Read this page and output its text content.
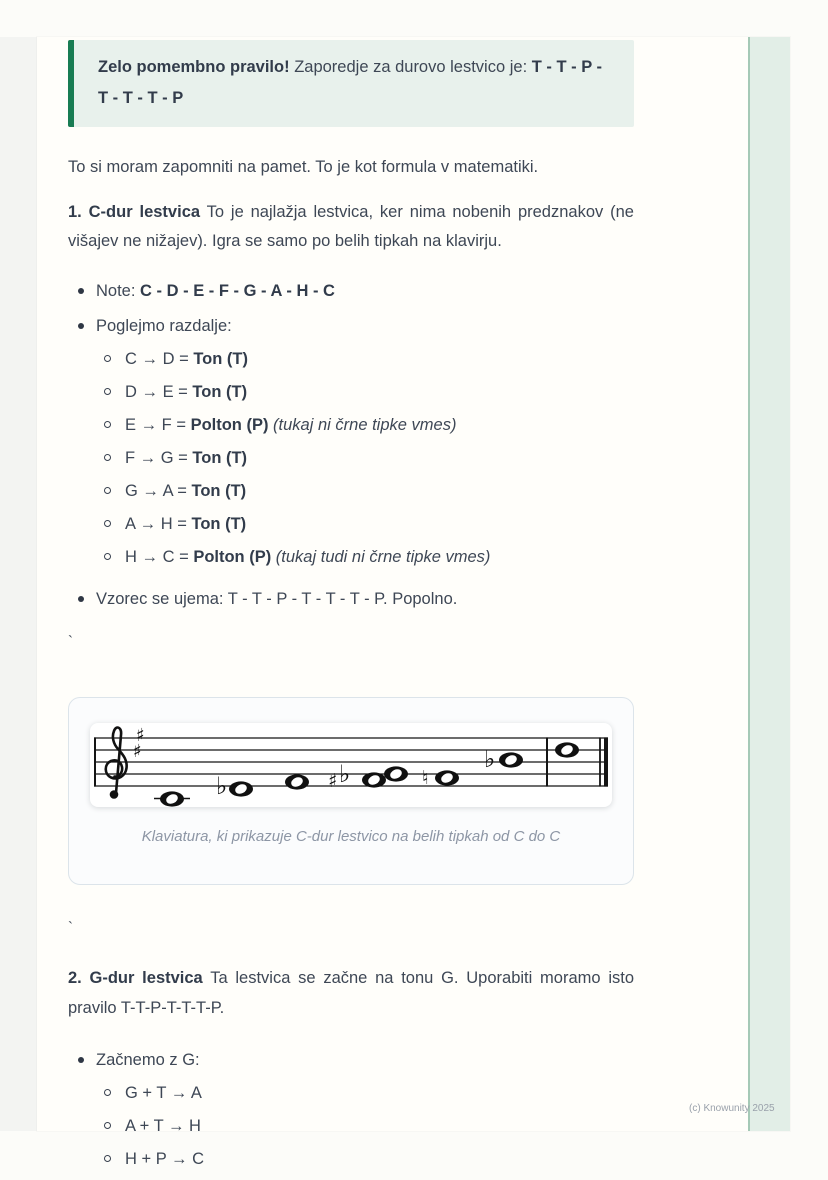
Zelo pomembno pravilo! Zaporedje za durovo lestvico je: T - T - P - T - T - T - P

To si moram zapomniti na pamet. To je kot formula v matematiki.

1. C-dur lestvica To je najlažja lestvica, ker nima nobenih predznakov (ne višajev ne nižajev). Igra se samo po belih tipkah na klavirju.

Note: C - D - E - F - G - A - H - C
Poglejmo razdalje:
C → D = Ton (T)
D → E = Ton (T)
E → F = Polton (P) (tukaj ni črne tipke vmes)
F → G = Ton (T)
G → A = Ton (T)
A → H = Ton (T)
H → C = Polton (P) (tukaj tudi ni črne tipke vmes)
Vzorec se ujema: T - T - P - T - T - T - P. Popolno.

`

♯
♯
♭	♯ ♭	♮
♭
Klaviatura, ki prikazuje C-dur lestvico na belih tipkah od C do C

`

2. G-dur lestvica Ta lestvica se začne na tonu G. Uporabiti moramo isto pravilo T-T-P-T-T-T-P.

Začnemo z G:
G + T → A
A + T → H
H + P → C
(c) Knowunity 2025
